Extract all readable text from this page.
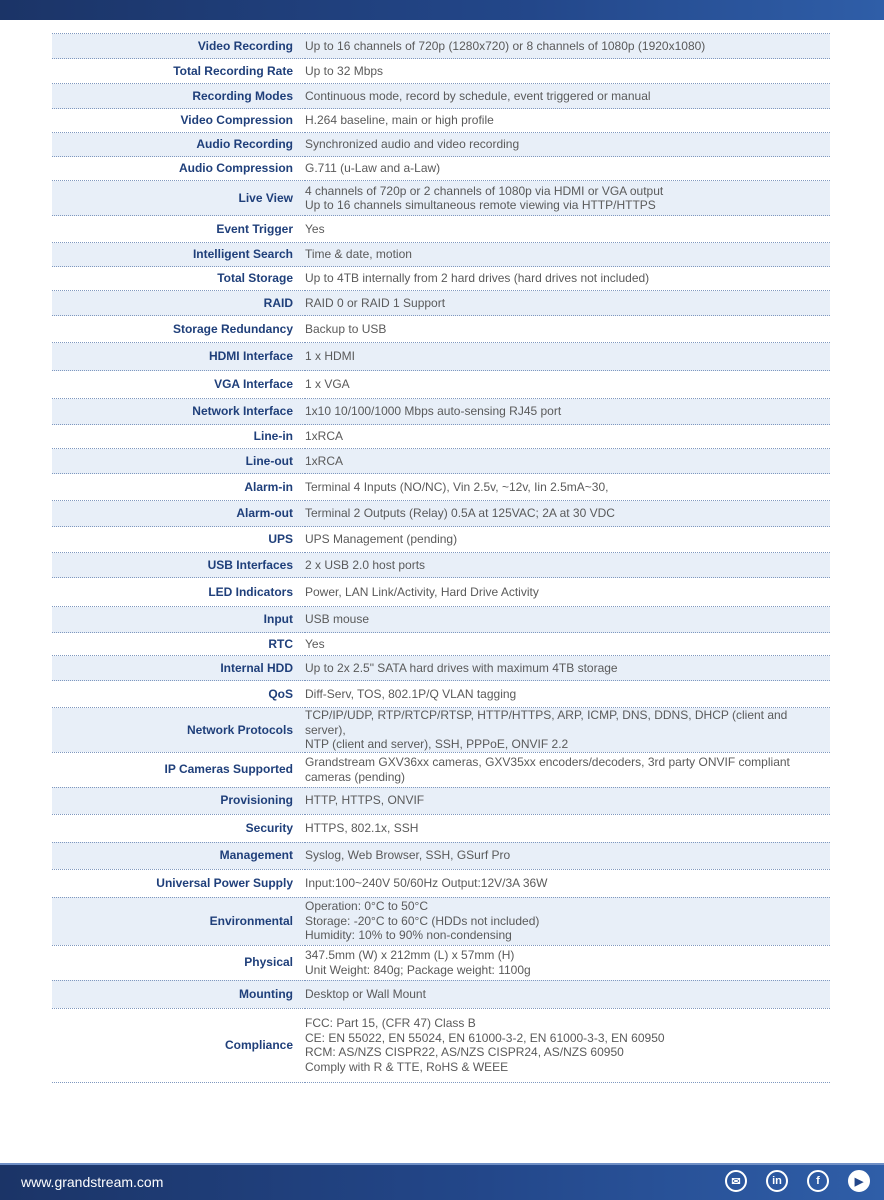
Video Recording	Up to 16 channels of 720p (1280x720) or 8 channels of 1080p (1920x1080)

Total Recording Rate	Up to 32 Mbps

Recording Modes	Continuous mode, record by schedule, event triggered or manual

Video Compression	H.264 baseline, main or high profile

Audio Recording	Synchronized audio and video recording

Audio Compression	G.711 (u-Law and a-Law)

Live View	4 channels of 720p or 2 channels of 1080p via HDMI or VGA output
Up to 16 channels simultaneous remote viewing via HTTP/HTTPS

Event Trigger	Yes

Intelligent Search	Time & date, motion

Total Storage	Up to 4TB internally from 2 hard drives (hard drives not included)

RAID	RAID 0 or RAID 1 Support

Storage Redundancy	Backup to USB

HDMI Interface	1 x HDMI

VGA Interface	1 x VGA

Network Interface	1x10 10/100/1000 Mbps auto-sensing RJ45 port

Line-in	1xRCA

Line-out	1xRCA

Alarm-in	Terminal 4 Inputs (NO/NC), Vin 2.5v, ~12v, Iin 2.5mA~30,

Alarm-out	Terminal 2 Outputs (Relay) 0.5A at 125VAC; 2A at 30 VDC

UPS	UPS Management (pending)

USB Interfaces	2 x USB 2.0 host ports

LED Indicators	Power, LAN Link/Activity, Hard Drive Activity

Input	USB mouse

RTC	Yes

Internal HDD	Up to 2x 2.5" SATA hard drives with maximum 4TB storage

QoS	Diff-Serv, TOS, 802.1P/Q VLAN tagging

Network Protocols	TCP/IP/UDP, RTP/RTCP/RTSP, HTTP/HTTPS, ARP, ICMP, DNS, DDNS, DHCP (client and server),
NTP (client and server), SSH, PPPoE, ONVIF 2.2

IP Cameras Supported	Grandstream GXV36xx cameras, GXV35xx encoders/decoders, 3rd party ONVIF compliant
cameras (pending)

Provisioning	HTTP, HTTPS, ONVIF

Security	HTTPS, 802.1x, SSH

Management	Syslog, Web Browser, SSH, GSurf Pro

Universal Power Supply	Input:100~240V 50/60Hz Output:12V/3A 36W

Environmental	Operation: 0°C to 50°C
Storage: -20°C to 60°C (HDDs not included)
Humidity: 10% to 90% non-condensing

Physical	347.5mm (W) x 212mm (L) x 57mm (H)
Unit Weight: 840g; Package weight: 1100g

Mounting	Desktop or Wall Mount

Compliance	FCC: Part 15, (CFR 47) Class B
CE: EN 55022, EN 55024, EN 61000-3-2, EN 61000-3-3, EN 60950
RCM: AS/NZS CISPR22, AS/NZS CISPR24, AS/NZS 60950
Comply with R & TTE, RoHS & WEEE
www.grandstream.com	✉	in	f	▶
